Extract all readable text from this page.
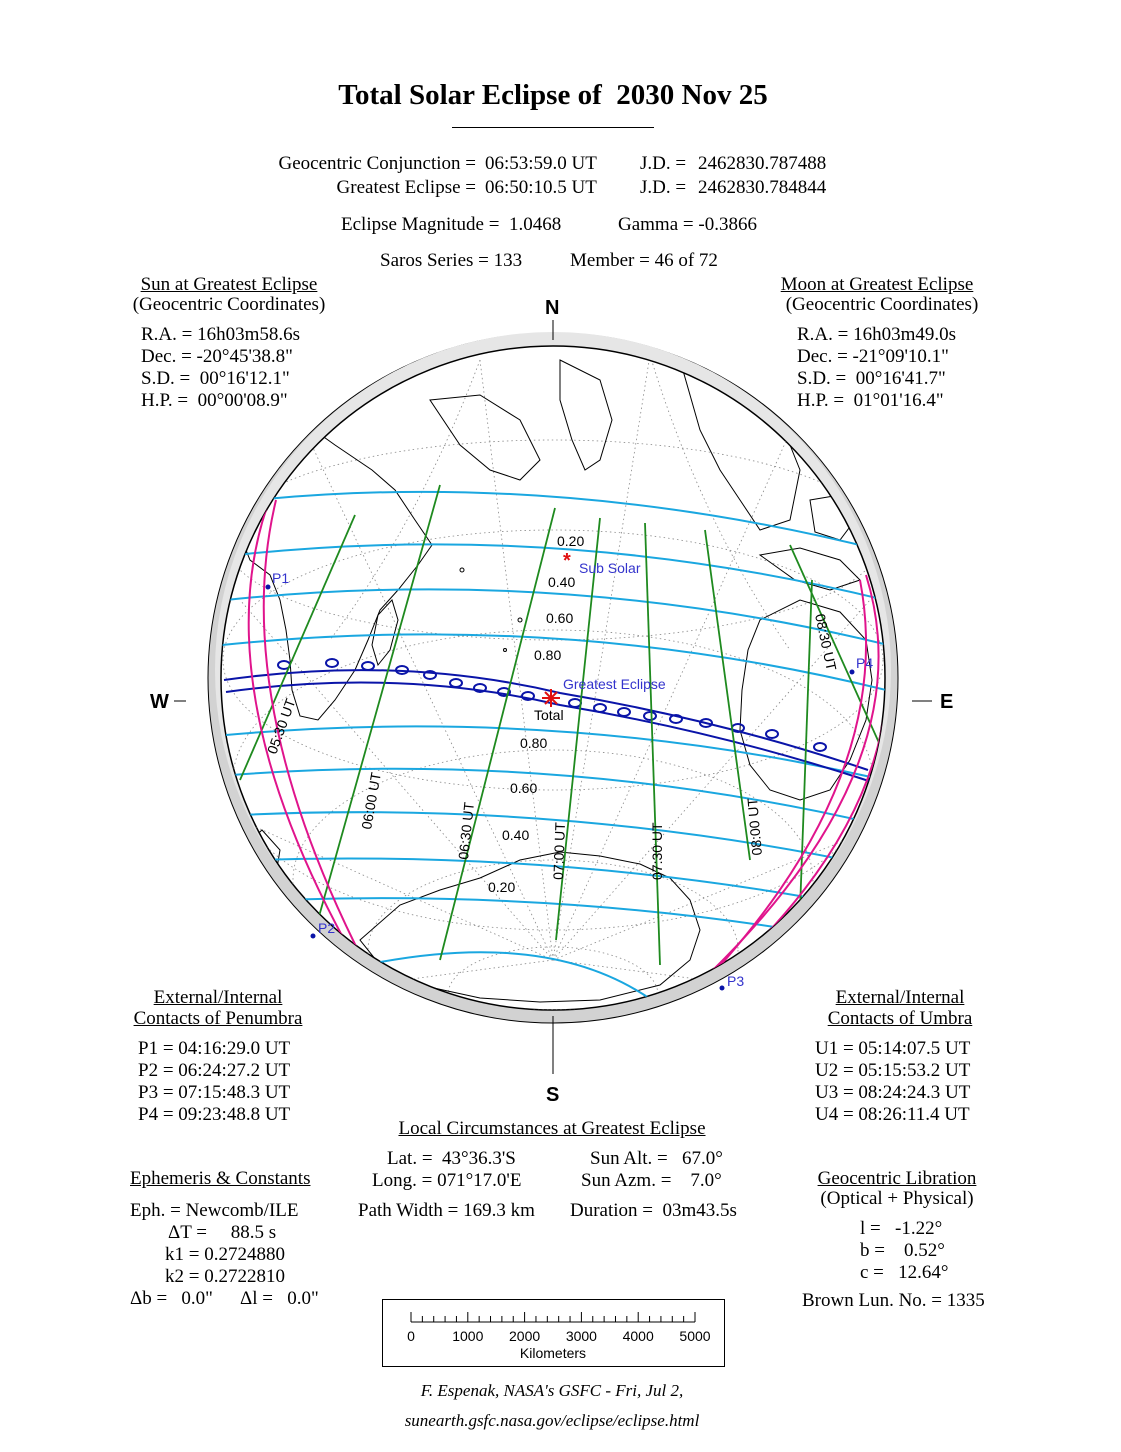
Total Solar Eclipse of  2030 Nov 25
Geocentric Conjunction = 06:53:59.0 UT J.D. = 2462830.787488
Greatest Eclipse = 06:50:10.5 UT J.D. = 2462830.784844
Eclipse Magnitude =  1.0468	Gamma = -0.3866
Saros Series = 133	Member = 46 of 72
Sun at Greatest Eclipse
(Geocentric Coordinates)
R.A. = 16h03m58.6s
Dec. = -20°45'38.8"
S.D. =  00°16'12.1"
H.P. =  00°00'08.9"
Moon at Greatest Eclipse
(Geocentric Coordinates)
R.A. = 16h03m49.0s
Dec. = -21°09'10.1"
S.D. =  00°16'41.7"
H.P. =  01°01'16.4"
0.20
0.40
0.60
0.80
0.80
0.60
0.40
0.20
05:30 UT
06:00 UT
06:30 UT	07:00 UT	07:30 UT	08:00 UT
08:30 UT
* Sub Solar
Greatest Eclipse
Total
P1
P2
P3
P4
N
S
W	E
External/Internal
Contacts of Penumbra
P1 = 04:16:29.0 UT
P2 = 06:24:27.2 UT
P3 = 07:15:48.3 UT
P4 = 09:23:48.8 UT
External/Internal
Contacts of Umbra
U1 = 05:14:07.5 UT
U2 = 05:15:53.2 UT
U3 = 08:24:24.3 UT
U4 = 08:26:11.4 UT
Local Circumstances at Greatest Eclipse
Lat. =  43°36.3'S
Long. = 071°17.0'E
Sun Alt. =   67.0°
Sun Azm. =    7.0°
Path Width = 169.3 km Duration =  03m43.5s
Ephemeris & Constants
Eph. = Newcomb/ILE
ΔT =     88.5 s
k1 = 0.2724880
k2 = 0.2722810
Δb =   0.0" Δl =   0.0"
Geocentric Libration
(Optical + Physical)
l =   -1.22°
b =    0.52°
c =   12.64°
Brown Lun. No. = 1335
0	1000 2000 3000 4000 5000
Kilometers
F. Espenak, NASA's GSFC - Fri, Jul 2,
sunearth.gsfc.nasa.gov/eclipse/eclipse.html
